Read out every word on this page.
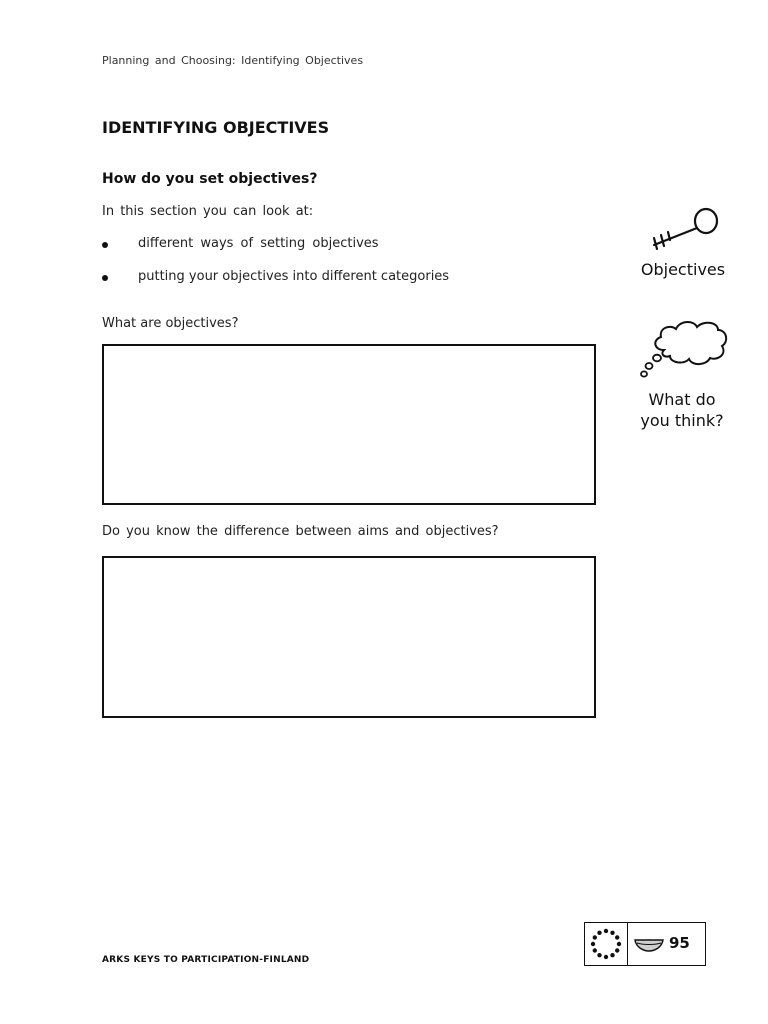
Planning and Choosing: Identifying Objectives
IDENTIFYING OBJECTIVES
How do you set objectives?
In this section you can look at:
different ways of setting objectives
putting your objectives into different categories
What are objectives?
Do you know the difference between aims and objectives?
Objectives
What do
you think?
ARKS KEYS TO PARTICIPATION-FINLAND
95
